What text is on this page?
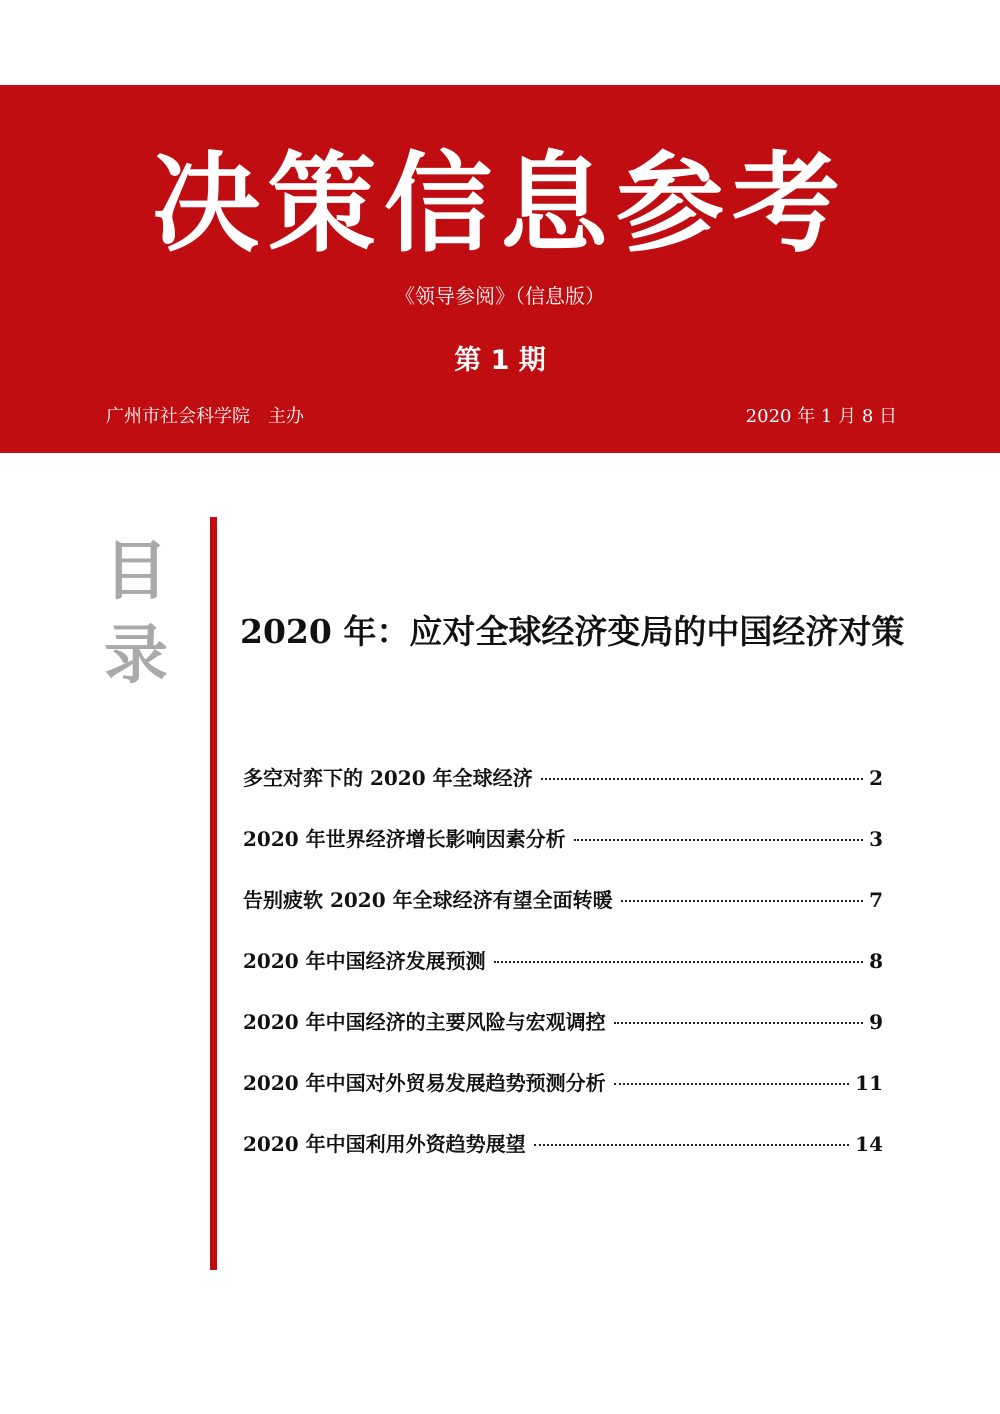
决策信息参考
《领导参阅》（信息版）
第 1 期
广州市社会科学院　主办	2020 年 1 月 8 日
目
录 2020 年：应对全球经济变局的中国经济对策
多空对弈下的 2020 年全球经济	2
2020 年世界经济增长影响因素分析	3
告别疲软 2020 年全球经济有望全面转暖	7
2020 年中国经济发展预测	8
2020 年中国经济的主要风险与宏观调控	9
2020 年中国对外贸易发展趋势预测分析	11
2020 年中国利用外资趋势展望	14
